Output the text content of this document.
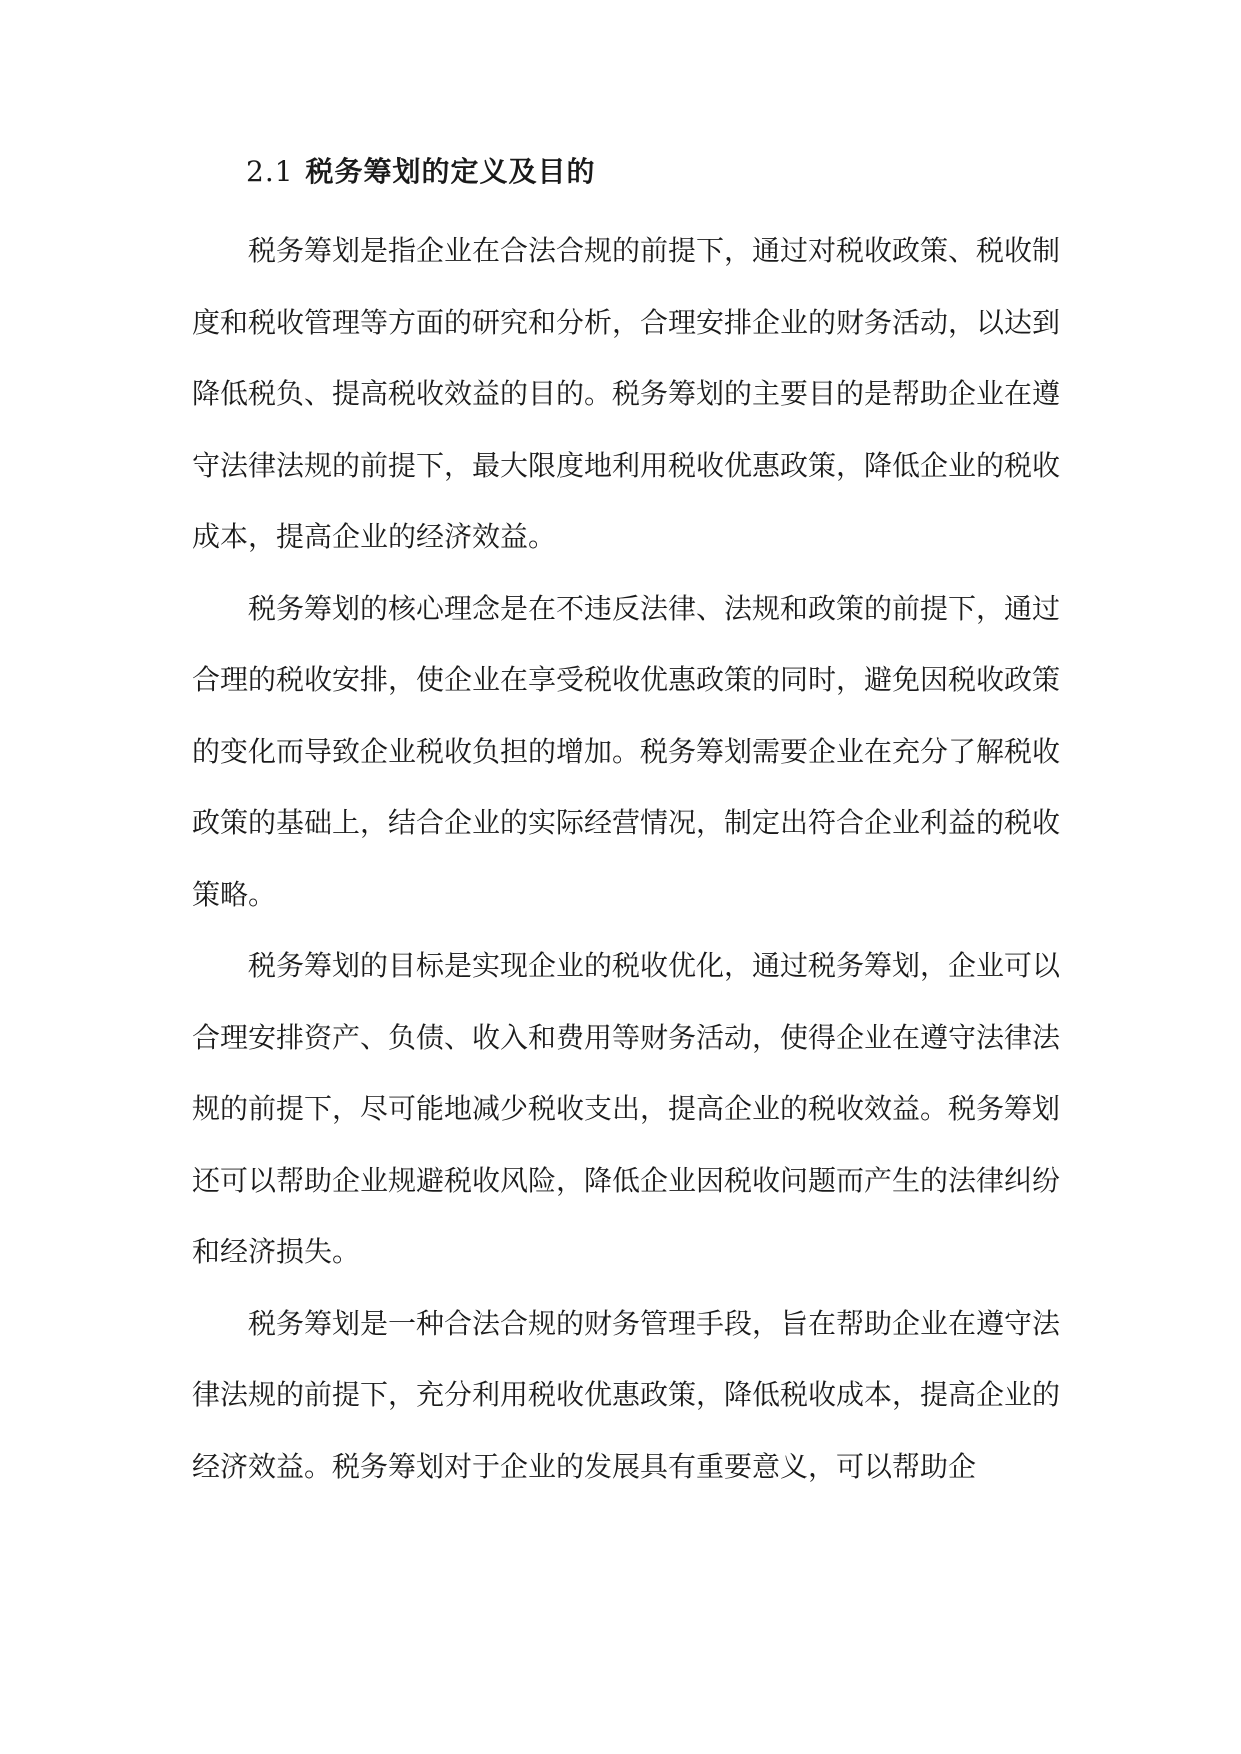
2.1 税务筹划的定义及目的

税务筹划是指企业在合法合规的前提下，通过对税收政策、税收制度和税收管理等方面的研究和分析，合理安排企业的财务活动，以达到降低税负、提高税收效益的目的。税务筹划的主要目的是帮助企业在遵守法律法规的前提下，最大限度地利用税收优惠政策，降低企业的税收成本，提高企业的经济效益。

税务筹划的核心理念是在不违反法律、法规和政策的前提下，通过合理的税收安排，使企业在享受税收优惠政策的同时，避免因税收政策的变化而导致企业税收负担的增加。税务筹划需要企业在充分了解税收政策的基础上，结合企业的实际经营情况，制定出符合企业利益的税收策略。

税务筹划的目标是实现企业的税收优化，通过税务筹划，企业可以合理安排资产、负债、收入和费用等财务活动，使得企业在遵守法律法规的前提下，尽可能地减少税收支出，提高企业的税收效益。税务筹划还可以帮助企业规避税收风险，降低企业因税收问题而产生的法律纠纷和经济损失。

税务筹划是一种合法合规的财务管理手段，旨在帮助企业在遵守法律法规的前提下，充分利用税收优惠政策，降低税收成本，提高企业的经济效益。税务筹划对于企业的发展具有重要意义，可以帮助企
